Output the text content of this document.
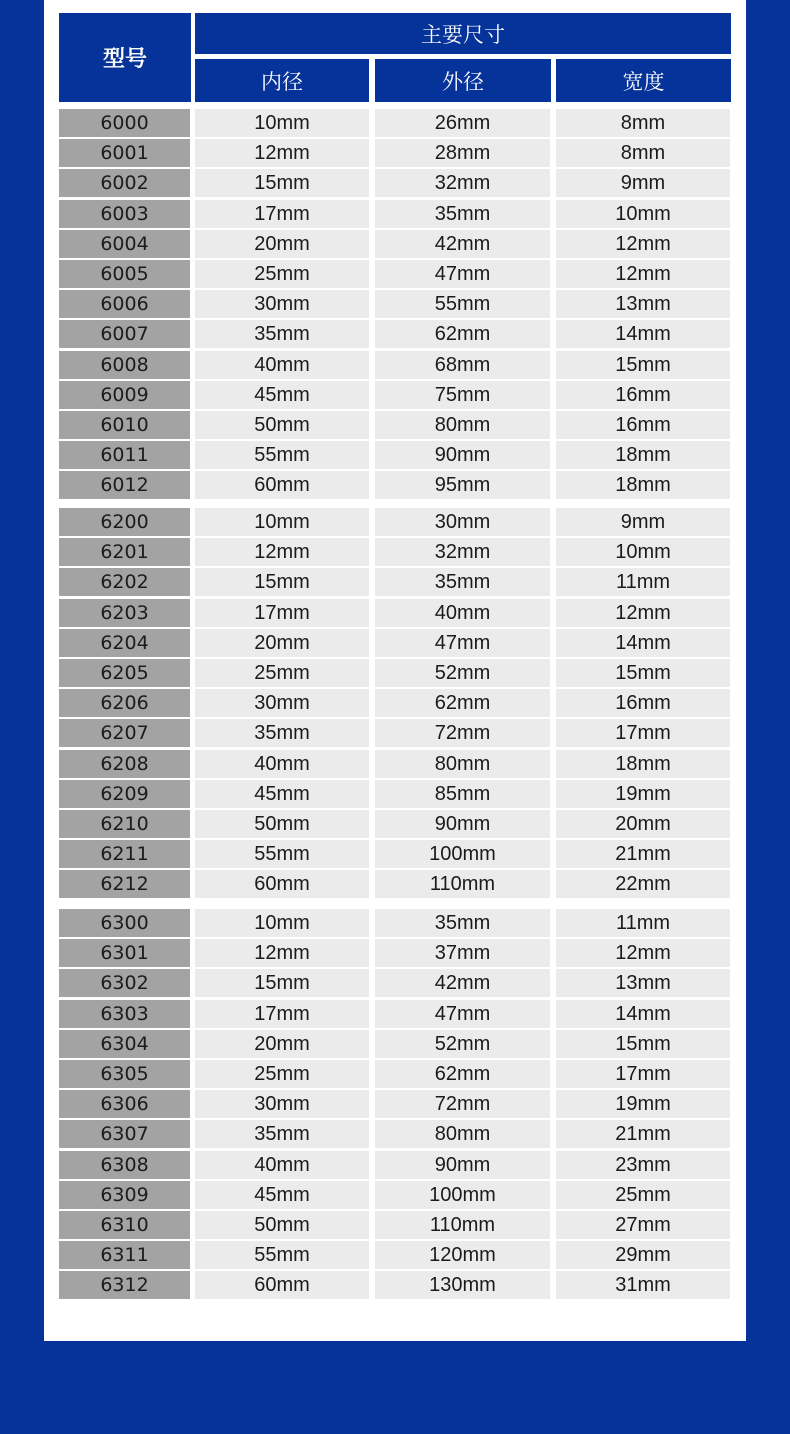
型号
主要尺寸
内径	外径	宽度
6000	10mm	26mm	8mm
6001	12mm	28mm	8mm
6002	15mm	32mm	9mm
6003	17mm	35mm	10mm
6004	20mm	42mm	12mm
6005	25mm	47mm	12mm
6006	30mm	55mm	13mm
6007	35mm	62mm	14mm
6008	40mm	68mm	15mm
6009	45mm	75mm	16mm
6010	50mm	80mm	16mm
6011	55mm	90mm	18mm
6012	60mm	95mm	18mm
6200	10mm	30mm	9mm
6201	12mm	32mm	10mm
6202	15mm	35mm	11mm
6203	17mm	40mm	12mm
6204	20mm	47mm	14mm
6205	25mm	52mm	15mm
6206	30mm	62mm	16mm
6207	35mm	72mm	17mm
6208	40mm	80mm	18mm
6209	45mm	85mm	19mm
6210	50mm	90mm	20mm
6211	55mm	100mm	21mm
6212	60mm	110mm	22mm
6300	10mm	35mm	11mm
6301	12mm	37mm	12mm
6302	15mm	42mm	13mm
6303	17mm	47mm	14mm
6304	20mm	52mm	15mm
6305	25mm	62mm	17mm
6306	30mm	72mm	19mm
6307	35mm	80mm	21mm
6308	40mm	90mm	23mm
6309	45mm	100mm	25mm
6310	50mm	110mm	27mm
6311	55mm	120mm	29mm
6312	60mm	130mm	31mm
